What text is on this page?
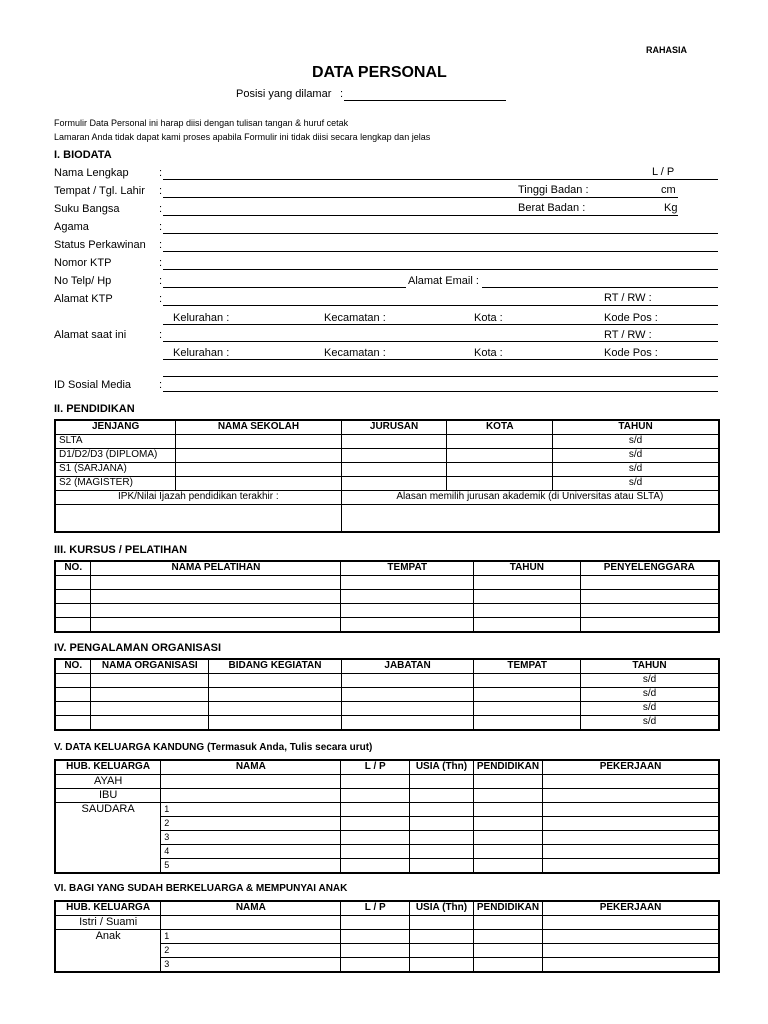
RAHASIA
DATA PERSONAL
Posisi yang dilamar :
Formulir Data Personal ini harap diisi dengan tulisan tangan & huruf cetak
Lamaran Anda tidak dapat kami proses apabila Formulir ini tidak diisi secara lengkap dan jelas
I. BIODATA
Nama Lengkap	:	L / P
Tempat / Tgl. Lahir :	Tinggi Badan :	cm
Suku Bangsa	:	Berat Badan :	Kg
Agama	:
Status Perkawinan :
Nomor KTP	:
No Telp/ Hp	:	Alamat Email :
Alamat KTP	:	RT / RW :
Kelurahan :	Kecamatan :	Kota :	Kode Pos :
Alamat saat ini	:	RT / RW :
Kelurahan :	Kecamatan :	Kota :	Kode Pos :
ID Sosial Media	:
II. PENDIDIKAN
JENJANG	NAMA SEKOLAH	JURUSAN	KOTA	TAHUN
SLTA				s/d
D1/D2/D3 (DIPLOMA)				s/d
S1 (SARJANA)				s/d
S2 (MAGISTER)				s/d
IPK/Nilai Ijazah pendidikan terakhir :		Alasan memilih jurusan akademik (di Universitas atau SLTA)		

III. KURSUS / PELATIHAN
NO.	NAMA PELATIHAN	TEMPAT	TAHUN	PENYELENGGARA

IV. PENGALAMAN ORGANISASI
NO.	NAMA ORGANISASI	BIDANG KEGIATAN	JABATAN	TEMPAT	TAHUN
					s/d
					s/d
					s/d
					s/d
V. DATA KELUARGA KANDUNG (Termasuk Anda, Tulis secara urut)
HUB. KELUARGA	NAMA	L / P	USIA (Thn)	PENDIDIKAN	PEKERJAAN
AYAH					
IBU					
SAUDARA	1				
	2				
	3				
	4				
	5				
VI. BAGI YANG SUDAH BERKELUARGA & MEMPUNYAI ANAK
HUB. KELUARGA	NAMA	L / P	USIA (Thn)	PENDIDIKAN	PEKERJAAN
Istri / Suami					
Anak	1				
	2				
	3				
